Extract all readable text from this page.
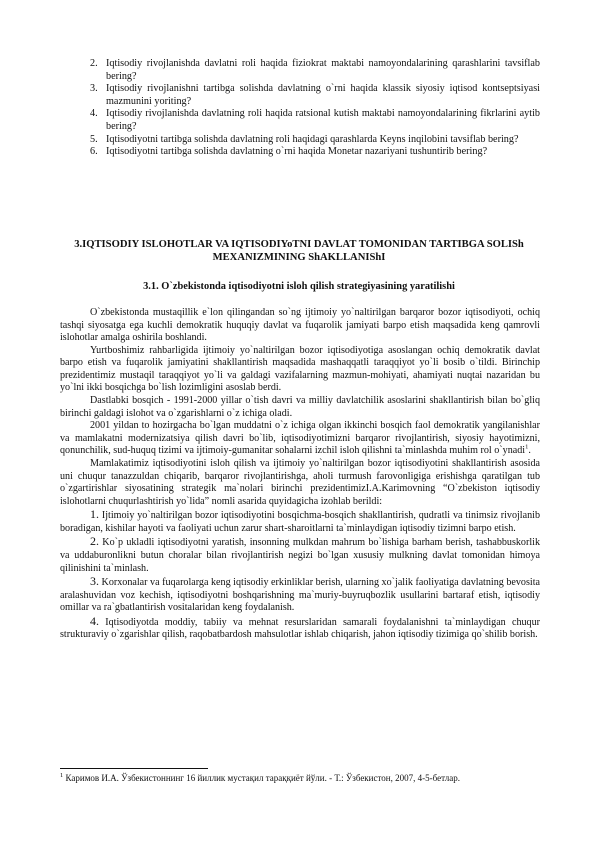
2. Iqtisodiy rivojlanishda davlatni roli haqida fiziokrat maktabi namoyondalarining qarashlarini tavsiflab bering?
3. Iqtisodiy rivojlanishni tartibga solishda davlatning o`rni haqida klassik siyosiy iqtisod kontseptsiyasi mazmunini yoriting?
4. Iqtisodiy rivojlanishda davlatning roli haqida ratsional kutish maktabi namoyondalarining fikrlarini aytib bering?
5. Iqtisodiyotni tartibga solishda davlatning roli haqidagi qarashlarda Keyns inqilobini tavsiflab bering?
6. Iqtisodiyotni tartibga solishda davlatning o`rni haqida Monetar nazariyani tushuntirib bering?
3.IQTISODIY ISLOHOTLAR VA IQTISODIYoTNI DAVLAT TOMONIDAN TARTIBGA SOLISh MEXANIZMINING ShAKLLANIShI
3.1. O`zbekistonda iqtisodiyotni isloh qilish strategiyasining yaratilishi

O`zbekistonda mustaqillik e`lon qilingandan so`ng ijtimoiy yo`naltirilgan barqaror bozor iqtisodiyoti, ochiq tashqi siyosatga ega kuchli demokratik huquqiy davlat va fuqarolik jamiyati barpo etish maqsadida keng qamrovli islohotlar amalga oshirila boshlandi.

Yurtboshimiz rahbarligida ijtimoiy yo`naltirilgan bozor iqtisodiyotiga asoslangan ochiq demokratik davlat barpo etish va fuqarolik jamiyatini shakllantirish maqsadida mashaqqatli taraqqiyot yo`li bosib o`tildi. Birinchip prezidentimiz mustaqil taraqqiyot yo`li va galdagi vazifalarning mazmun-mohiyati, ahamiyati nuqtai nazaridan bu yo`lni ikki bosqichga bo`lish lozimligini asoslab berdi.

Dastlabki bosqich - 1991-2000 yillar o`tish davri va milliy davlatchilik asoslarini shakllantirish bilan bo`gliq birinchi galdagi islohot va o`zgarishlarni o`z ichiga oladi.

2001 yildan to hozirgacha bo`lgan muddatni o`z ichiga olgan ikkinchi bosqich faol demokratik yangilanishlar va mamlakatni modernizatsiya qilish davri bo`lib, iqtisodiyotimizni barqaror rivojlantirish, siyosiy hayotimizni, qonunchilik, sud-huquq tizimi va ijtimoiy-gumanitar sohalarni izchil isloh qilishni ta`minlashda muhim rol o`ynadi$^1$.

Mamlakatimiz iqtisodiyotini isloh qilish va ijtimoiy yo`naltirilgan bozor iqtisodiyotini shakllantirish asosida uni chuqur tanazzuldan chiqarib, barqaror rivojlantirishga, aholi turmush farovonligiga erishishga qaratilgan tub o`zgartirishlar siyosatining strategik ma`nolari birinchi prezidentimizI.A.Karimovning “O`zbekiston iqtisodiy islohotlarni chuqurlashtirish yo`lida” nomli asarida quyidagicha izohlab berildi:

1. Ijtimoiy yo`naltirilgan bozor iqtisodiyotini bosqichma-bosqich shakllantirish, qudratli va tinimsiz rivojlanib boradigan, kishilar hayoti va faoliyati uchun zarur shart-sharoitlarni ta`minlaydigan iqtisodiy tizimni barpo etish.

2. Ko`p ukladli iqtisodiyotni yaratish, insonning mulkdan mahrum bo`lishiga barham berish, tashabbuskorlik va uddaburonlikni butun choralar bilan rivojlantirish negizi bo`lgan xususiy mulkning davlat tomonidan himoya qilinishini ta`minlash.

3. Korxonalar va fuqarolarga keng iqtisodiy erkinliklar berish, ularning xo`jalik faoliyatiga davlatning bevosita aralashuvidan voz kechish, iqtisodiyotni boshqarishning ma`muriy-buyruqbozlik usullarini bartaraf etish, iqtisodiy omillar va ra`gbatlantirish vositalaridan keng foydalanish.

4. Iqtisodiyotda moddiy, tabiiy va mehnat resurslaridan samarali foydalanishni ta`minlaydigan chuqur strukturaviy o`zgarishlar qilish, raqobatbardosh mahsulotlar ishlab chiqarish, jahon iqtisodiy tizimiga qo`shilib borish.

$^1$ Каримов И.А. Ўзбекистоннинг 16 йиллик мустақил тараққиёт йўли. - Т.: Ўзбекистон, 2007, 4-5-бетлар.
